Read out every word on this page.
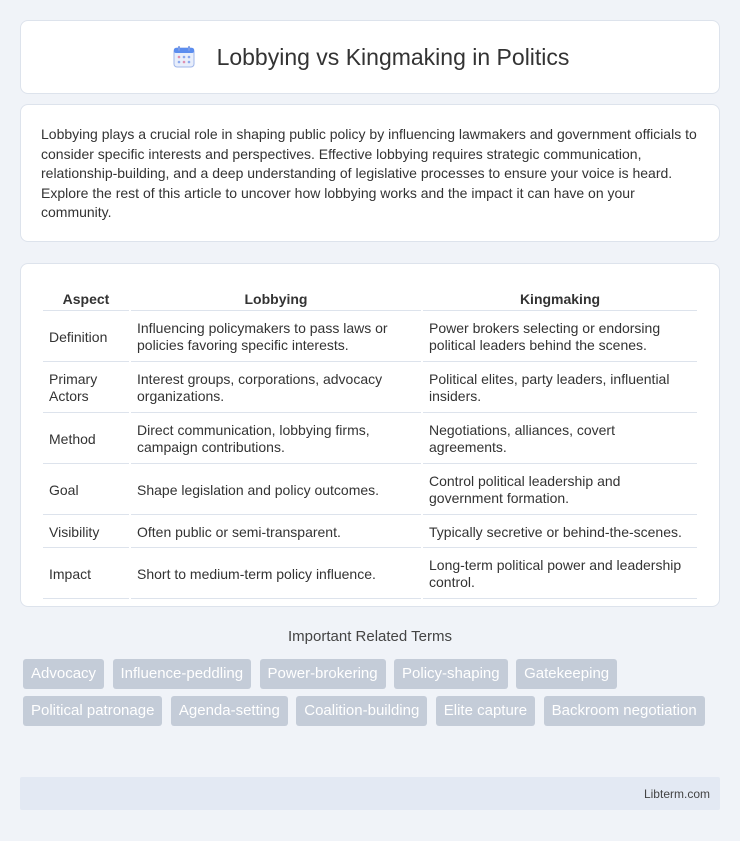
Lobbying vs Kingmaking in Politics

Lobbying plays a crucial role in shaping public policy by influencing lawmakers and government officials to consider specific interests and perspectives. Effective lobbying requires strategic communication, relationship-building, and a deep understanding of legislative processes to ensure your voice is heard. Explore the rest of this article to uncover how lobbying works and the impact it can have on your community.

Aspect	Lobbying	Kingmaking
Definition	Influencing policymakers to pass laws or policies favoring specific interests.	Power brokers selecting or endorsing political leaders behind the scenes.
Primary Actors	Interest groups, corporations, advocacy organizations.	Political elites, party leaders, influential insiders.
Method	Direct communication, lobbying firms, campaign contributions.	Negotiations, alliances, covert agreements.
Goal	Shape legislation and policy outcomes.	Control political leadership and government formation.
Visibility	Often public or semi-transparent.	Typically secretive or behind-the-scenes.
Impact	Short to medium-term policy influence.	Long-term political power and leadership control.
Important Related Terms
Advocacy Influence-peddling Power-brokering Policy-shaping Gatekeeping Political patronage Agenda-setting Coalition-building Elite capture Backroom negotiation
Libterm.com
